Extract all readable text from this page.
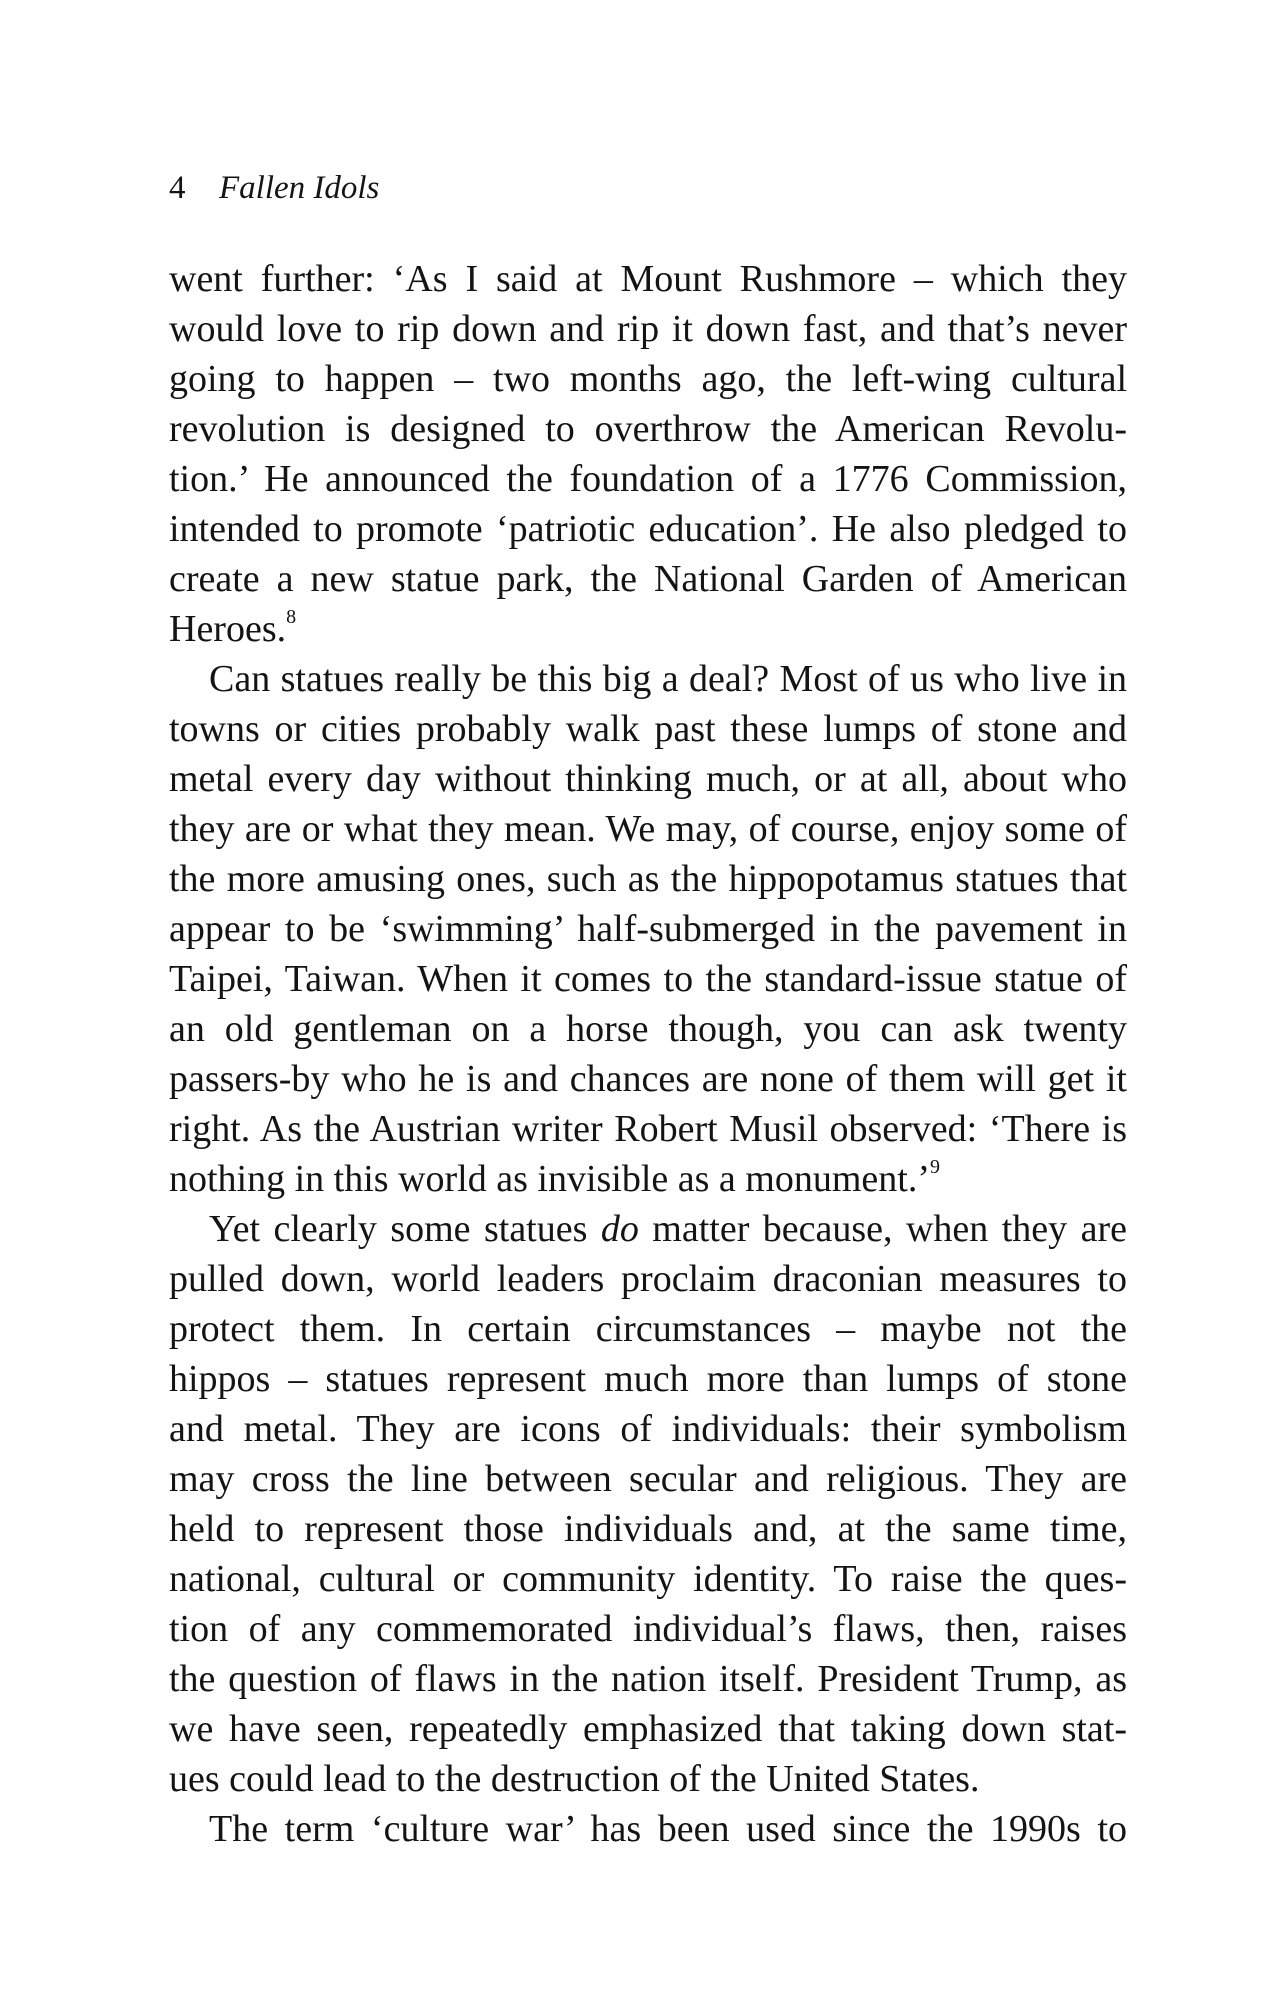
4 Fallen Idols
went further: ‘As I said at Mount Rushmore – which they
would love to rip down and rip it down fast, and that’s never
going to happen – two months ago, the left-wing cultural
revolution is designed to overthrow the American Revolu-
tion.’ He announced the foundation of a 1776 Commission,
intended to promote ‘patriotic education’. He also pledged to
create a new statue park, the National Garden of American
Heroes.$^8$
Can statues really be this big a deal? Most of us who live in
towns or cities probably walk past these lumps of stone and
metal every day without thinking much, or at all, about who
they are or what they mean. We may, of course, enjoy some of
the more amusing ones, such as the hippopotamus statues that
appear to be ‘swimming’ half-submerged in the pavement in
Taipei, Taiwan. When it comes to the standard-issue statue of
an old gentleman on a horse though, you can ask twenty
passers-by who he is and chances are none of them will get it
right. As the Austrian writer Robert Musil observed: ‘There is
nothing in this world as invisible as a monument.’$^9$
Yet clearly some statues do matter because, when they are
pulled down, world leaders proclaim draconian measures to
protect them. In certain circumstances – maybe not the
hippos – statues represent much more than lumps of stone
and metal. They are icons of individuals: their symbolism
may cross the line between secular and religious. They are
held to represent those individuals and, at the same time,
national, cultural or community identity. To raise the ques-
tion of any commemorated individual’s flaws, then, raises
the question of flaws in the nation itself. President Trump, as
we have seen, repeatedly emphasized that taking down stat-
ues could lead to the destruction of the United States.
The term ‘culture war’ has been used since the 1990s to
